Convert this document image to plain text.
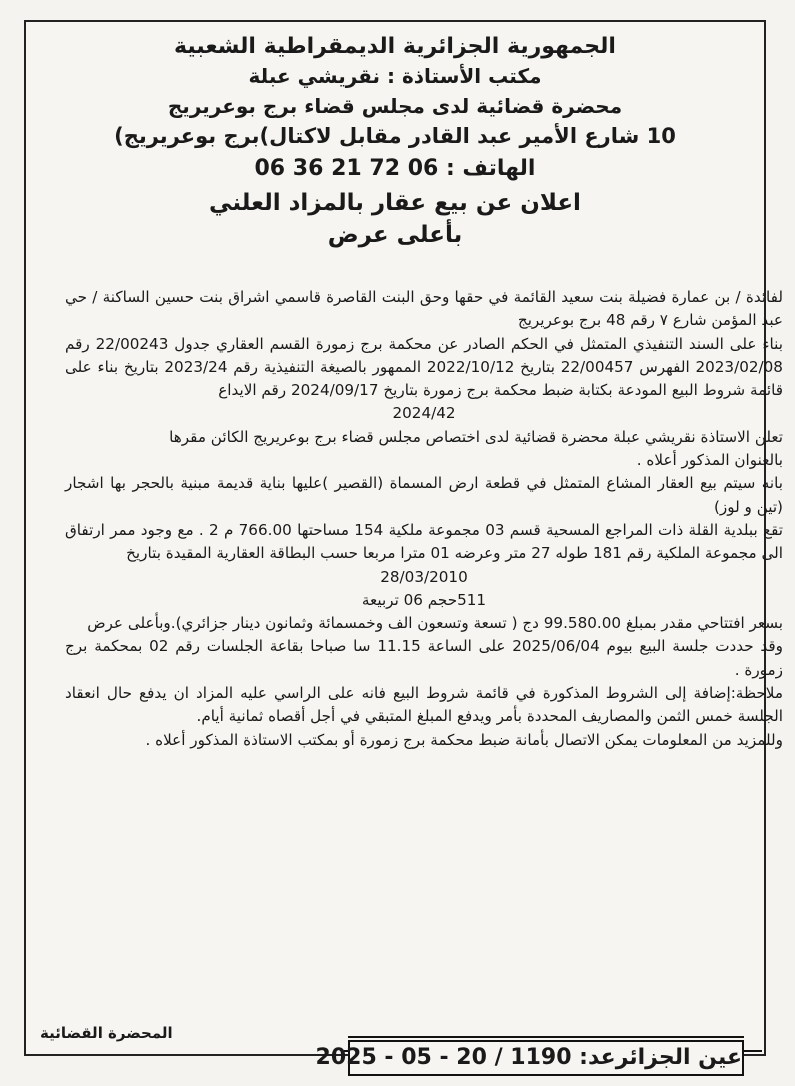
الجمهورية الجزائرية الديمقراطية الشعبية
مكتب الأستاذة : نقريشي عبلة
محضرة قضائية لدى مجلس قضاء برج بوعريريج
10 شارع الأمير عبد القادر مقابل لاكتال)برج بوعريريج)
الهاتف : 06 72 21 36 06
اعلان عن بيع عقار بالمزاد العلني
بأعلى عرض
لفائدة / بن عمارة فضيلة بنت سعيد القائمة في حقها وحق البنت القاصرة قاسمي اشراق بنت حسين الساكنة / حي عبد المؤمن شارع ٧ رقم 48 برج بوعريريج
بناء على السند التنفيذي المتمثل في الحكم الصادر عن محكمة برج زمورة القسم العقاري جدول 22/00243 رقم 2023/02/08 الفهرس 22/00457 بتاريخ 2022/10/12 الممهور بالصيغة التنفيذية رقم 2023/24 بتاريخ بناء على قائمة شروط البيع المودعة بكتابة ضبط محكمة برج زمورة بتاريخ 2024/09/17 رقم الايداع
2024/42
تعلن الاستاذة نقريشي عبلة محضرة قضائية لدى اختصاص مجلس قضاء برج بوعريريج الكائن مقرها
بالعنوان المذكور أعلاه .
بانه سيتم بيع العقار المشاع المتمثل في قطعة ارض المسماة (القصير )عليها بناية قديمة مبنية بالحجر بها اشجار (تين و لوز)
تقع ببلدية القلة ذات المراجع المسحية قسم 03 مجموعة ملكية 154 مساحتها 766.00 م 2 . مع وجود ممر ارتفاق الى مجموعة الملكية رقم 181 طوله 27 متر وعرضه 01 مترا مربعا حسب البطاقة العقارية المقيدة بتاريخ
28/03/2010
511حجم 06 تربيعة
بسعر افتتاحي مقدر بمبلغ 99.580.00 دج ( تسعة وتسعون الف وخمسمائة وثمانون دينار جزائري).وبأعلى عرض
وقد حددت جلسة البيع بيوم 2025/06/04 على الساعة 11.15 سا صباحا بقاعة الجلسات رقم 02 بمحكمة برج زمورة .
ملاحظة:إضافة إلى الشروط المذكورة في قائمة شروط البيع فانه على الراسي عليه المزاد ان يدفع حال انعقاد الجلسة خمس الثمن والمصاريف المحددة بأمر ويدفع المبلغ المتبقي في أجل أقصاه ثمانية أيام.
وللمزيد من المعلومات يمكن الاتصال بأمانة ضبط محكمة برج زمورة أو بمكتب الاستاذة المذكور أعلاه .
المحضرة القضائية
عين الجزائرعد: 1190 / 20 - 05 - 2025
